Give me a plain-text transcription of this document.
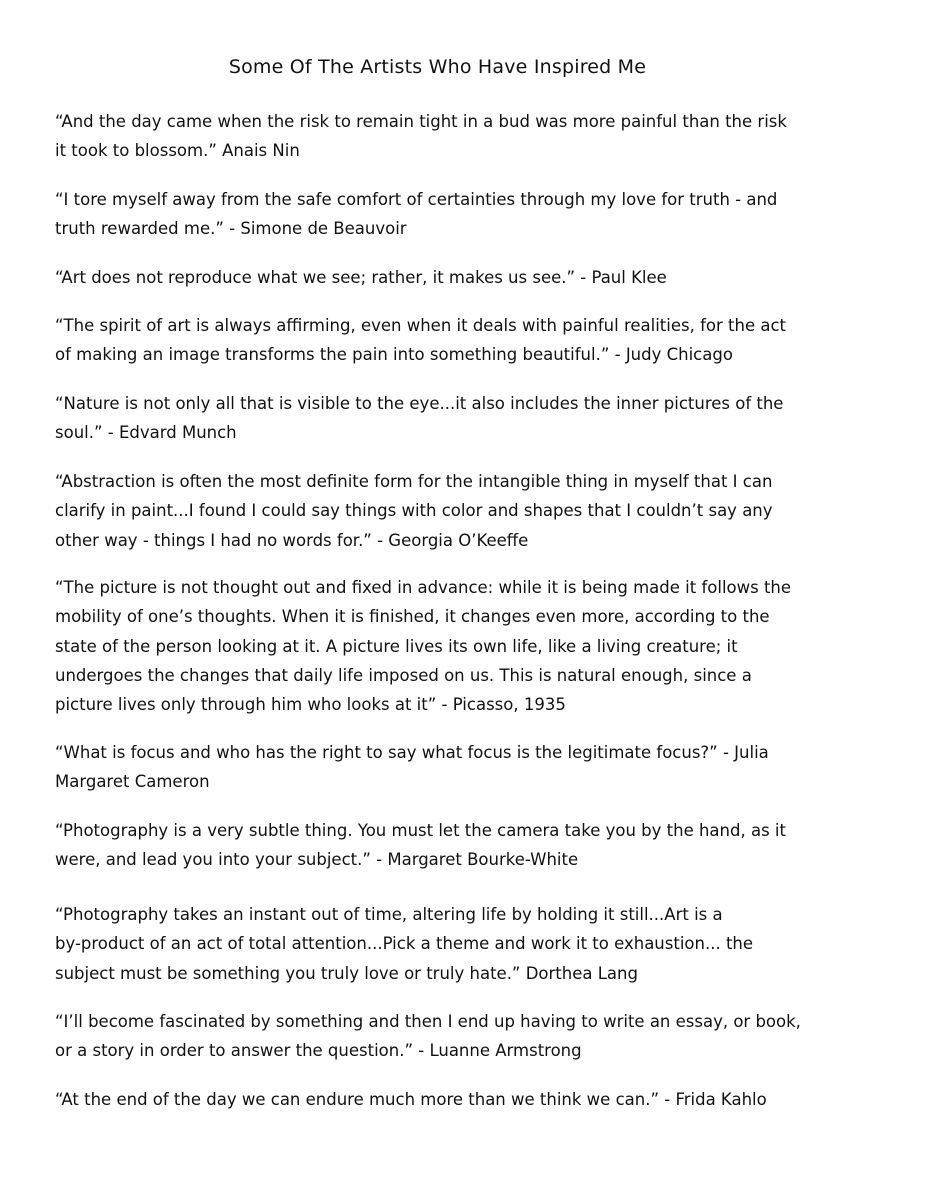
Some Of The Artists Who Have Inspired Me

“And the day came when the risk to remain tight in a bud was more painful than the risk
it took to blossom.” Anais Nin

“I tore myself away from the safe comfort of certainties through my love for truth - and
truth rewarded me.” - Simone de Beauvoir

“Art does not reproduce what we see; rather, it makes us see.” - Paul Klee

“The spirit of art is always affirming, even when it deals with painful realities, for the act
of making an image transforms the pain into something beautiful.” - Judy Chicago

“Nature is not only all that is visible to the eye...it also includes the inner pictures of the
soul.” - Edvard Munch

“Abstraction is often the most definite form for the intangible thing in myself that I can
clarify in paint...I found I could say things with color and shapes that I couldn’t say any
other way - things I had no words for.” - Georgia O’Keeffe

“The picture is not thought out and fixed in advance: while it is being made it follows the
mobility of one’s thoughts. When it is finished, it changes even more, according to the
state of the person looking at it. A picture lives its own life, like a living creature; it
undergoes the changes that daily life imposed on us. This is natural enough, since a
picture lives only through him who looks at it” - Picasso, 1935

“What is focus and who has the right to say what focus is the legitimate focus?” - Julia
Margaret Cameron

“Photography is a very subtle thing. You must let the camera take you by the hand, as it
were, and lead you into your subject.” - Margaret Bourke-White

“Photography takes an instant out of time, altering life by holding it still...Art is a
by-product of an act of total attention...Pick a theme and work it to exhaustion... the
subject must be something you truly love or truly hate.” Dorthea Lang

“I’ll become fascinated by something and then I end up having to write an essay, or book,
or a story in order to answer the question.” - Luanne Armstrong

“At the end of the day we can endure much more than we think we can.” - Frida Kahlo
